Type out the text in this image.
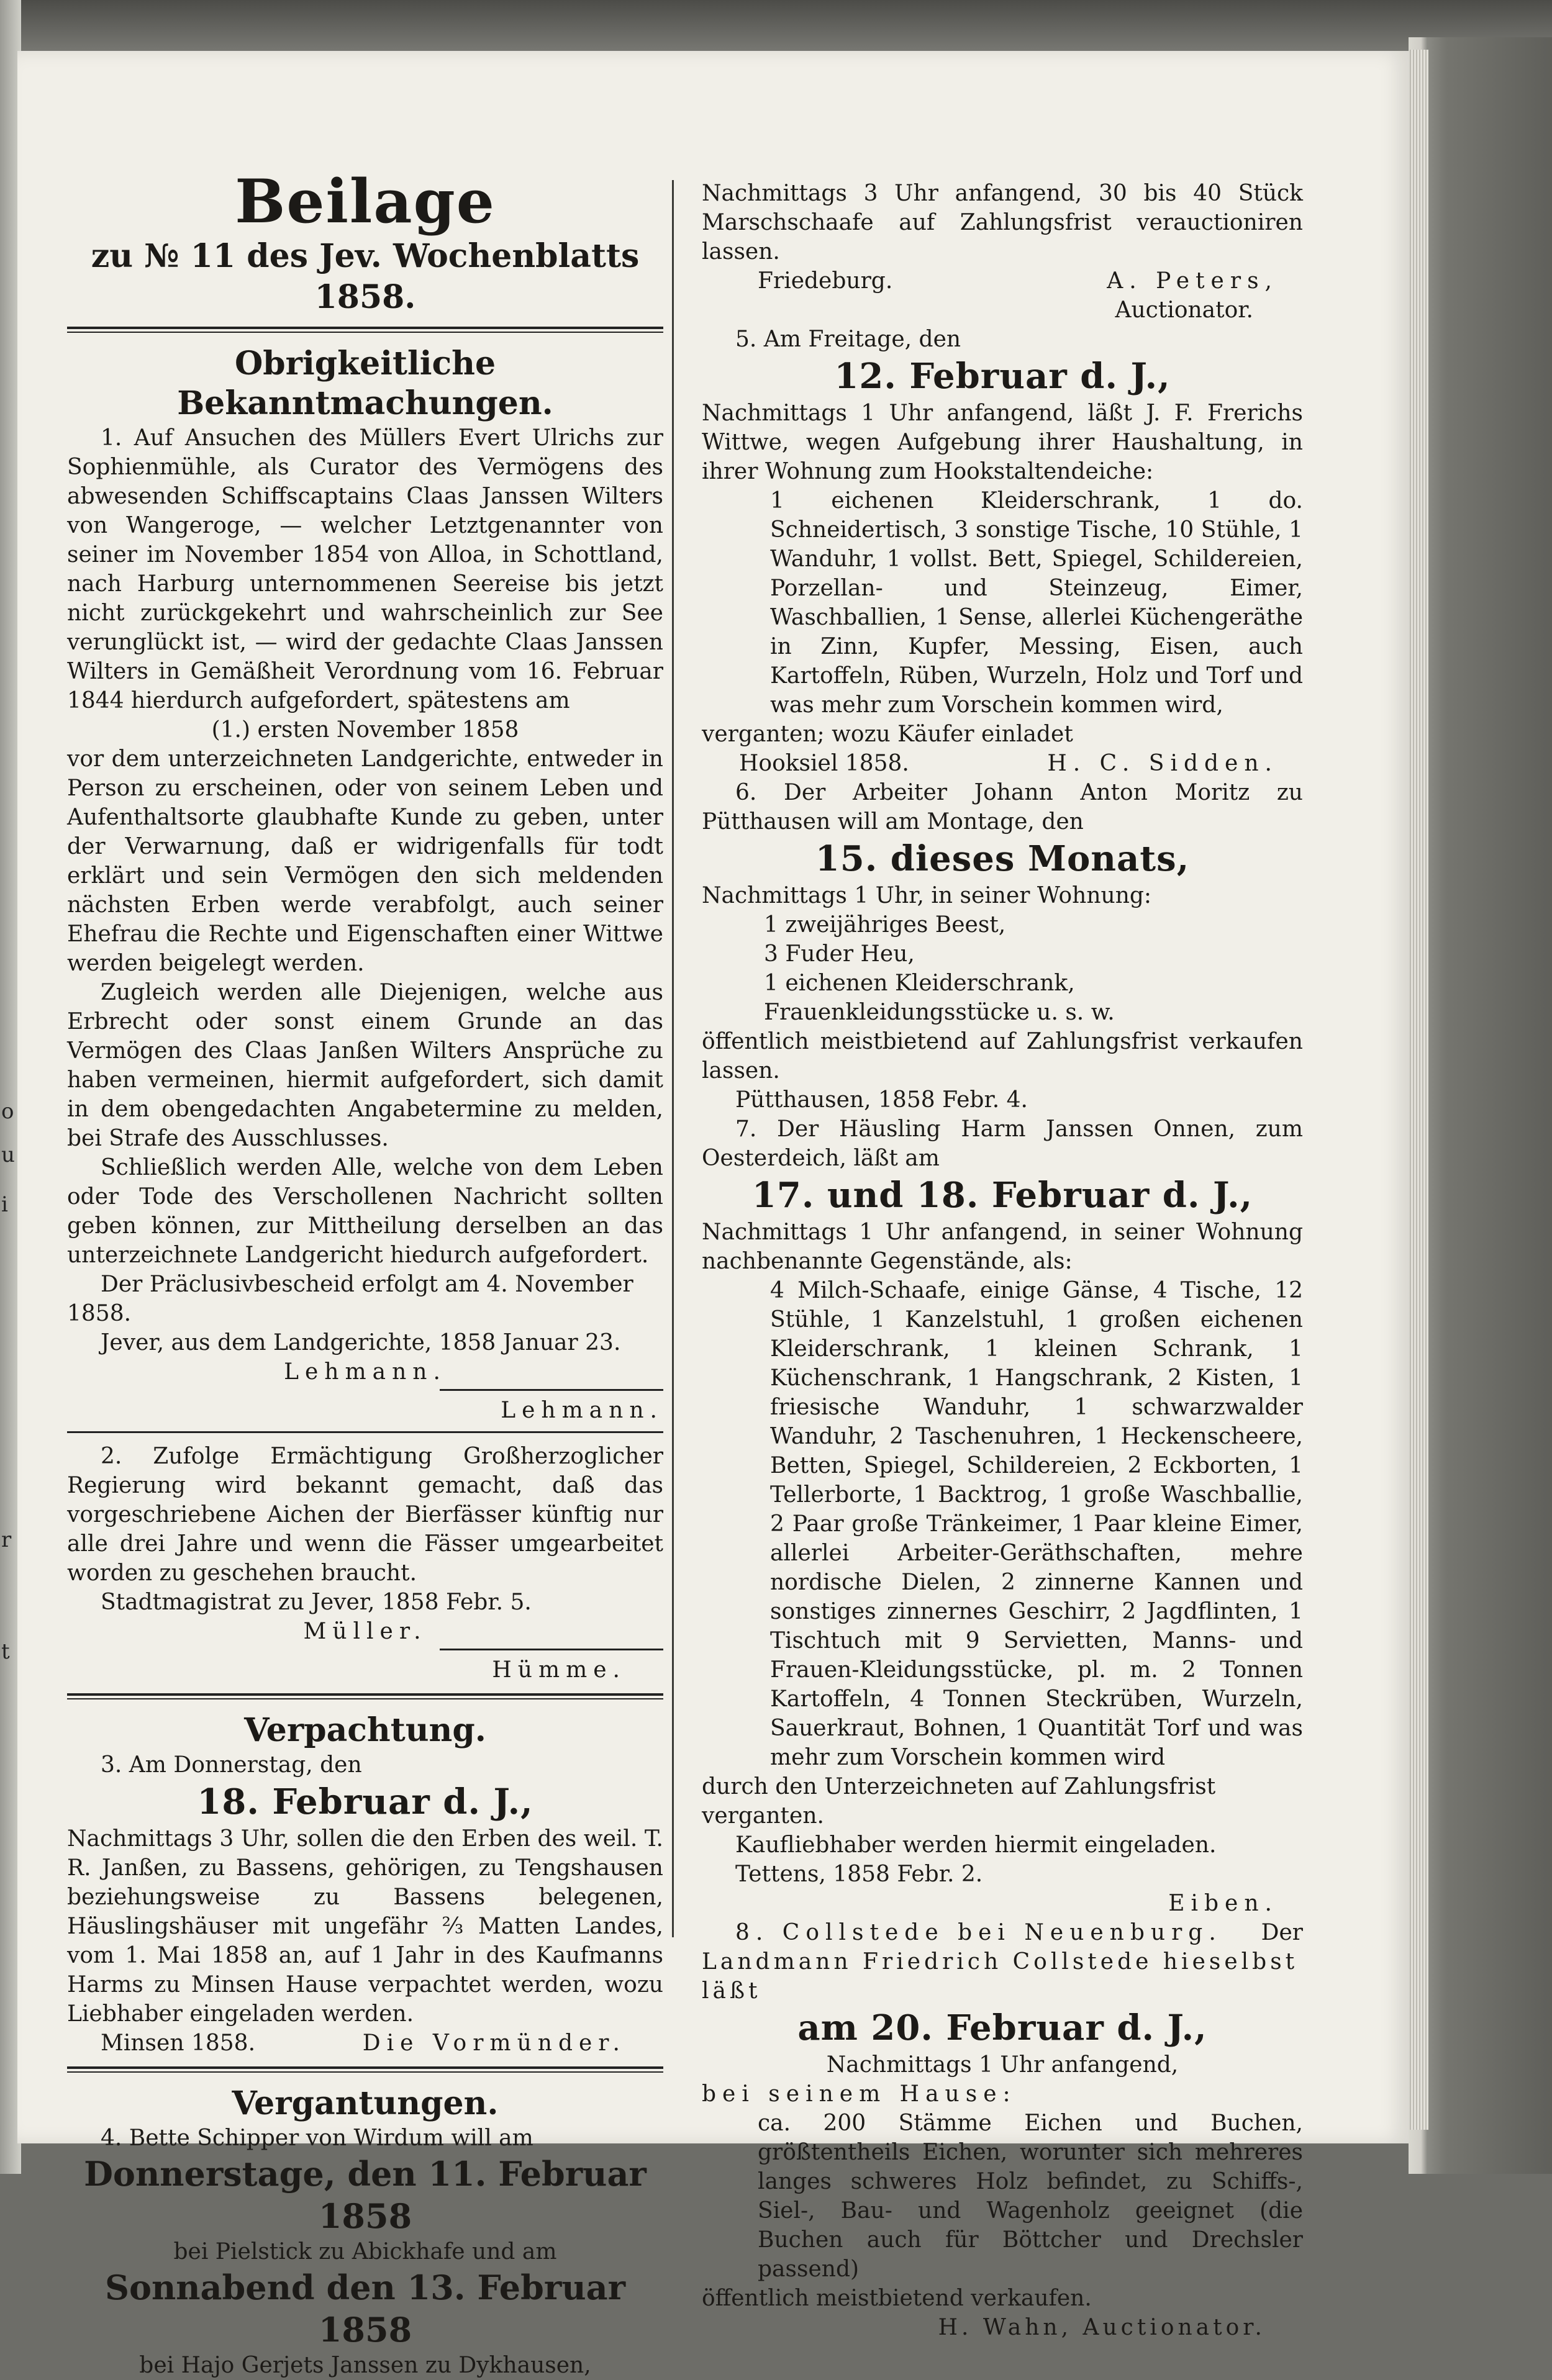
o
u
i
r
t

Beilage

zu № 11 des Jev. Wochenblatts 1858.

Obrigkeitliche Bekanntmachungen.

1. Auf Ansuchen des Müllers Evert Ulrichs zur Sophienmühle, als Curator des Vermögens des abwesenden Schiffscaptains Claas Janssen Wilters von Wangeroge, — welcher Letztgenannter von seiner im November 1854 von Alloa, in Schottland, nach Harburg unternommenen Seereise bis jetzt nicht zurückgekehrt und wahrscheinlich zur See verunglückt ist, — wird der gedachte Claas Janssen Wilters in Gemäßheit Verordnung vom 16. Februar 1844 hierdurch aufgefordert, spätestens am

(1.) ersten November 1858

vor dem unterzeichneten Landgerichte, entweder in Person zu erscheinen, oder von seinem Leben und Aufenthaltsorte glaubhafte Kunde zu geben, unter der Verwarnung, daß er widrigenfalls für todt erklärt und sein Vermögen den sich meldenden nächsten Erben werde verabfolgt, auch seiner Ehefrau die Rechte und Eigenschaften einer Wittwe werden beigelegt werden.

Zugleich werden alle Diejenigen, welche aus Erbrecht oder sonst einem Grunde an das Vermögen des Claas Janßen Wilters Ansprüche zu haben vermeinen, hiermit aufgefordert, sich damit in dem obengedachten Angabetermine zu melden, bei Strafe des Ausschlusses.

Schließlich werden Alle, welche von dem Leben oder Tode des Verschollenen Nachricht sollten geben können, zur Mittheilung derselben an das unterzeichnete Landgericht hiedurch aufgefordert.

Der Präclusivbescheid erfolgt am 4. November 1858.

Jever, aus dem Landgerichte, 1858 Januar 23.

Lehmann.

Lehmann.

2. Zufolge Ermächtigung Großherzoglicher Regierung wird bekannt gemacht, daß das vorgeschriebene Aichen der Bierfässer künftig nur alle drei Jahre und wenn die Fässer umgearbeitet worden zu geschehen braucht.

Stadtmagistrat zu Jever, 1858 Febr. 5.

Müller.

Hümme.

Verpachtung.

3. Am Donnerstag, den

18. Februar d. J.,

Nachmittags 3 Uhr, sollen die den Erben des weil. T. R. Janßen, zu Bassens, gehörigen, zu Tengshausen beziehungsweise zu Bassens belegenen, Häuslingshäuser mit ungefähr ⅔ Matten Landes, vom 1. Mai 1858 an, auf 1 Jahr in des Kaufmanns Harms zu Minsen Hause verpachtet werden, wozu Liebhaber eingeladen werden.

Minsen 1858.	Die Vormünder.

Vergantungen.

4. Bette Schipper von Wirdum will am

Donnerstage, den 11. Februar 1858

bei Pielstick zu Abickhafe und am

Sonnabend den 13. Februar 1858

bei Hajo Gerjets Janssen zu Dykhausen,

Nachmittags 3 Uhr anfangend, 30 bis 40 Stück Marschschaafe auf Zahlungsfrist verauctioniren lassen.

Friedeburg.	A. Peters,

Auctionator.

5. Am Freitage, den

12. Februar d. J.,

Nachmittags 1 Uhr anfangend, läßt J. F. Frerichs Wittwe, wegen Aufgebung ihrer Haushaltung, in ihrer Wohnung zum Hookstaltendeiche:

1 eichenen Kleiderschrank, 1 do. Schneidertisch, 3 sonstige Tische, 10 Stühle, 1 Wanduhr, 1 vollst. Bett, Spiegel, Schildereien, Porzellan- und Steinzeug, Eimer, Waschballien, 1 Sense, allerlei Küchengeräthe in Zinn, Kupfer, Messing, Eisen, auch Kartoffeln, Rüben, Wurzeln, Holz und Torf und was mehr zum Vorschein kommen wird,

verganten; wozu Käufer einladet

Hooksiel 1858.	H. C. Sidden.

6. Der Arbeiter Johann Anton Moritz zu Pütthausen will am Montage, den

15. dieses Monats,

Nachmittags 1 Uhr, in seiner Wohnung:

1 zweijähriges Beest,

3 Fuder Heu,

1 eichenen Kleiderschrank,

Frauenkleidungsstücke u. s. w.

öffentlich meistbietend auf Zahlungsfrist verkaufen lassen.

Pütthausen, 1858 Febr. 4.

7. Der Häusling Harm Janssen Onnen, zum Oesterdeich, läßt am

17. und 18. Februar d. J.,

Nachmittags 1 Uhr anfangend, in seiner Wohnung nachbenannte Gegenstände, als:

4 Milch-Schaafe, einige Gänse, 4 Tische, 12 Stühle, 1 Kanzelstuhl, 1 großen eichenen Kleiderschrank, 1 kleinen Schrank, 1 Küchenschrank, 1 Hangschrank, 2 Kisten, 1 friesische Wanduhr, 1 schwarzwalder Wanduhr, 2 Taschenuhren, 1 Heckenscheere, Betten, Spiegel, Schildereien, 2 Eckborten, 1 Tellerborte, 1 Backtrog, 1 große Waschballie, 2 Paar große Tränkeimer, 1 Paar kleine Eimer, allerlei Arbeiter-Geräthschaften, mehre nordische Dielen, 2 zinnerne Kannen und sonstiges zinnernes Geschirr, 2 Jagdflinten, 1 Tischtuch mit 9 Servietten, Manns- und Frauen-Kleidungsstücke, pl. m. 2 Tonnen Kartoffeln, 4 Tonnen Steckrüben, Wurzeln, Sauerkraut, Bohnen, 1 Quantität Torf und was mehr zum Vorschein kommen wird

durch den Unterzeichneten auf Zahlungsfrist verganten.

Kaufliebhaber werden hiermit eingeladen.

Tettens, 1858 Febr. 2.

Eiben.

8. Collstede bei Neuenburg. Der

Landmann Friedrich Collstede hieselbst läßt

am 20. Februar d. J.,

Nachmittags 1 Uhr anfangend,

bei seinem Hause:

ca. 200 Stämme Eichen und Buchen, größtentheils Eichen, worunter sich mehreres langes schweres Holz befindet, zu Schiffs-, Siel-, Bau- und Wagenholz geeignet (die Buchen auch für Böttcher und Drechsler passend)

öffentlich meistbietend verkaufen.

H. Wahn, Auctionator.
